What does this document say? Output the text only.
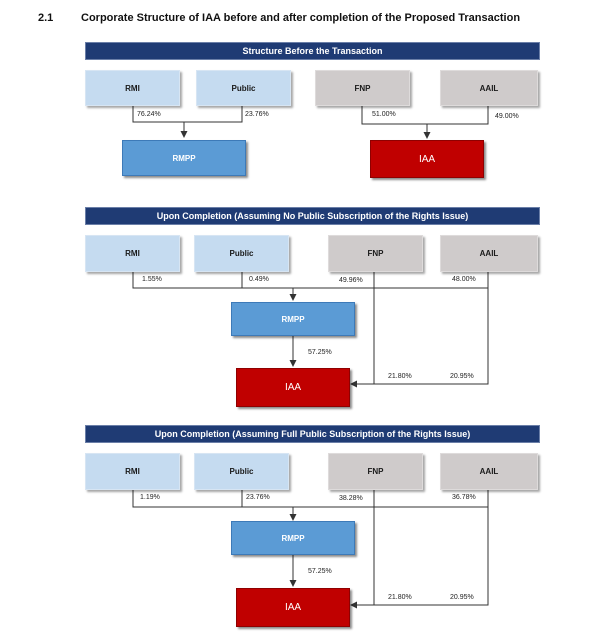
2.1	Corporate Structure of IAA before and after completion of the Proposed Transaction
Structure Before the Transaction
RMI	Public	FNP	AAIL
RMPP	IAA
76.24%	23.76%	51.00%	49.00%
Upon Completion (Assuming No Public Subscription of the Rights Issue)
RMI	Public	FNP	AAIL
RMPP
IAA
1.55%	0.49%	49.96%	48.00%
57.25%
21.80%	20.95%
Upon Completion (Assuming Full Public Subscription of the Rights Issue)
RMI	Public	FNP	AAIL
RMPP
IAA
1.19%	23.76%	38.28%	36.78%
57.25%
21.80%	20.95%
